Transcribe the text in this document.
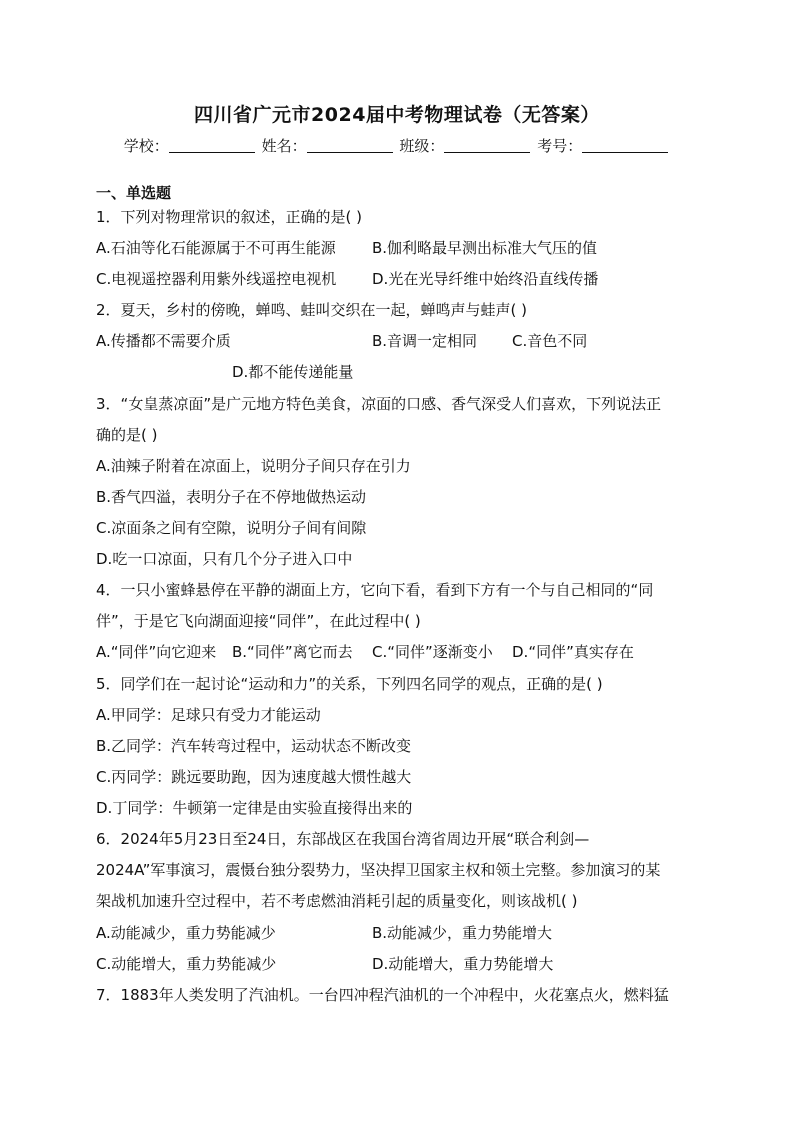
四川省广元市2024届中考物理试卷（无答案）
学校：	姓名：	班级：	考号：
一、单选题
1．下列对物理常识的叙述，正确的是( )
A.石油等化石能源属于不可再生能源 B.伽利略最早测出标准大气压的值
C.电视遥控器利用紫外线遥控电视机 D.光在光导纤维中始终沿直线传播
2．夏天，乡村的傍晚，蝉鸣、蛙叫交织在一起，蝉鸣声与蛙声( )
A.传播都不需要介质	B.音调一定相同 C.音色不同
D.都不能传递能量
3．“女皇蒸凉面”是广元地方特色美食，凉面的口感、香气深受人们喜欢，下列说法正
确的是( )
A.油辣子附着在凉面上，说明分子间只存在引力
B.香气四溢，表明分子在不停地做热运动
C.凉面条之间有空隙，说明分子间有间隙
D.吃一口凉面，只有几个分子进入口中
4．一只小蜜蜂悬停在平静的湖面上方，它向下看，看到下方有一个与自己相同的“同
伴”，于是它飞向湖面迎接“同伴”，在此过程中( )
A.“同伴”向它迎来 B.“同伴”离它而去 C.“同伴”逐渐变小 D.“同伴”真实存在
5．同学们在一起讨论“运动和力”的关系，下列四名同学的观点，正确的是( )
A.甲同学：足球只有受力才能运动
B.乙同学：汽车转弯过程中，运动状态不断改变
C.丙同学：跳远要助跑，因为速度越大惯性越大
D.丁同学：牛顿第一定律是由实验直接得出来的
6．2024年5月23日至24日，东部战区在我国台湾省周边开展“联合利剑—
2024A”军事演习，震慑台独分裂势力，坚决捍卫国家主权和领土完整。参加演习的某
架战机加速升空过程中，若不考虑燃油消耗引起的质量变化，则该战机( )
A.动能减少，重力势能减少	B.动能减少，重力势能增大
C.动能增大，重力势能减少	D.动能增大，重力势能增大
7．1883年人类发明了汽油机。一台四冲程汽油机的一个冲程中，火花塞点火，燃料猛
